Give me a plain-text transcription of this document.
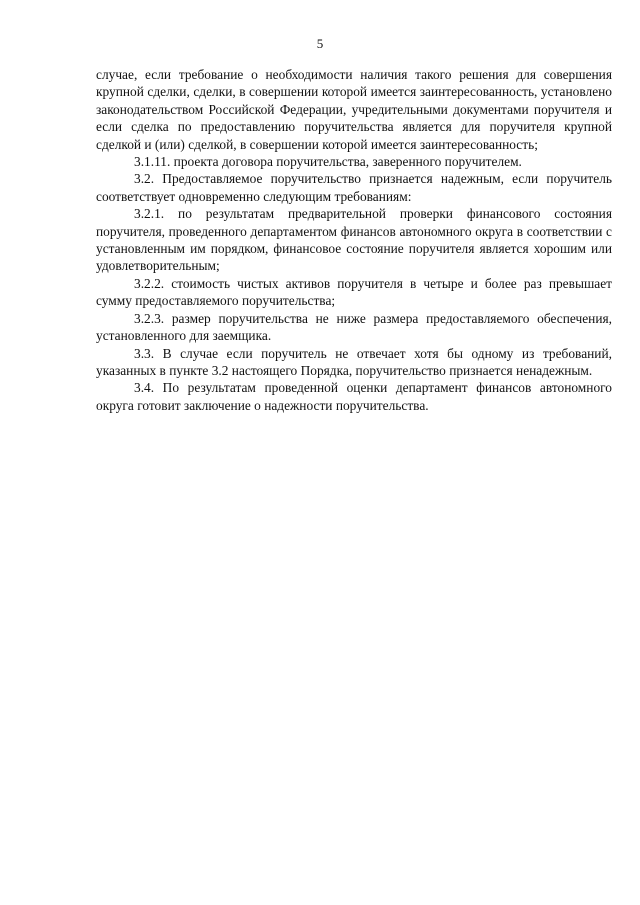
5

случае, если требование о необходимости наличия такого решения для совершения крупной сделки, сделки, в совершении которой имеется заинтересованность, установлено законодательством Российской Федерации, учредительными документами поручителя и если сделка по предоставлению поручительства является для поручителя крупной сделкой и (или) сделкой, в совершении которой имеется заинтересованность;

3.1.11. проекта договора поручительства, заверенного поручителем.

3.2. Предоставляемое поручительство признается надежным, если поручитель соответствует одновременно следующим требованиям:

3.2.1. по результатам предварительной проверки финансового состояния поручителя, проведенного департаментом финансов автономного округа в соответствии с установленным им порядком, финансовое состояние поручителя является хорошим или удовлетворительным;

3.2.2. стоимость чистых активов поручителя в четыре и более раз превышает сумму предоставляемого поручительства;

3.2.3. размер поручительства не ниже размера предоставляемого обеспечения, установленного для заемщика.

3.3. В случае если поручитель не отвечает хотя бы одному из требований, указанных в пункте 3.2 настоящего Порядка, поручительство признается ненадежным.

3.4. По результатам проведенной оценки департамент финансов автономного округа готовит заключение о надежности поручительства.
